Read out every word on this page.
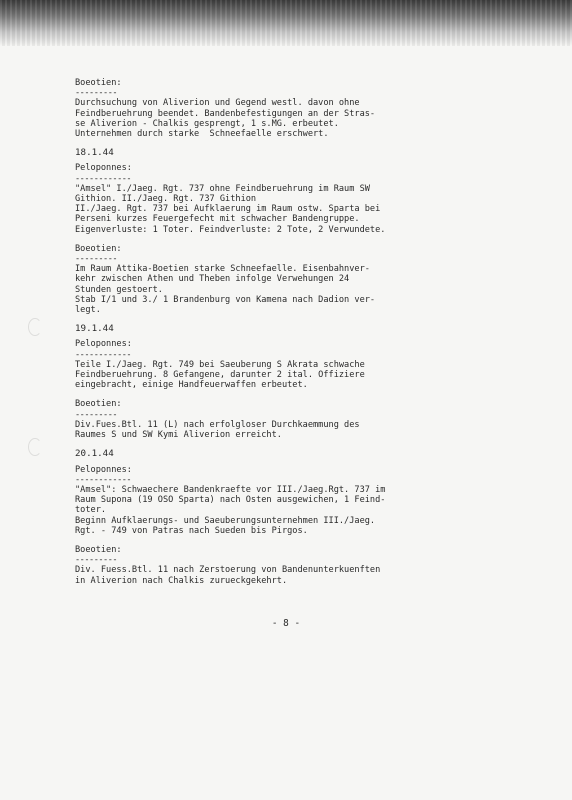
Boeotien:
---------
Durchsuchung von Aliverion und Gegend westl. davon ohne
Feindberuehrung beendet. Bandenbefestigungen an der Stras-
se Aliverion - Chalkis gesprengt, 1 s.MG. erbeutet.
Unternehmen durch starke  Schneefaelle erschwert.
18.1.44
Peloponnes:
------------
"Amsel" I./Jaeg. Rgt. 737 ohne Feindberuehrung im Raum SW
Githion. II./Jaeg. Rgt. 737 Githion
II./Jaeg. Rgt. 737 bei Aufklaerung im Raum ostw. Sparta bei
Perseni kurzes Feuergefecht mit schwacher Bandengruppe.
Eigenverluste: 1 Toter. Feindverluste: 2 Tote, 2 Verwundete.
Boeotien:
---------
Im Raum Attika-Boetien starke Schneefaelle. Eisenbahnver-
kehr zwischen Athen und Theben infolge Verwehungen 24
Stunden gestoert.
Stab I/1 und 3./ 1 Brandenburg von Kamena nach Dadion ver-
legt.
19.1.44
Peloponnes:
------------
Teile I./Jaeg. Rgt. 749 bei Saeuberung S Akrata schwache
Feindberuehrung. 8 Gefangene, darunter 2 ital. Offiziere
eingebracht, einige Handfeuerwaffen erbeutet.
Boeotien:
---------
Div.Fues.Btl. 11 (L) nach erfolgloser Durchkaemmung des
Raumes S und SW Kymi Aliverion erreicht.
20.1.44
Peloponnes:
------------
"Amsel": Schwaechere Bandenkraefte vor III./Jaeg.Rgt. 737 im
Raum Supona (19 OSO Sparta) nach Osten ausgewichen, 1 Feind-
toter.
Beginn Aufklaerungs- und Saeuberungsunternehmen III./Jaeg.
Rgt. - 749 von Patras nach Sueden bis Pirgos.
Boeotien:
---------
Div. Fuess.Btl. 11 nach Zerstoerung von Bandenunterkuenften
in Aliverion nach Chalkis zurueckgekehrt.
- 8 -
